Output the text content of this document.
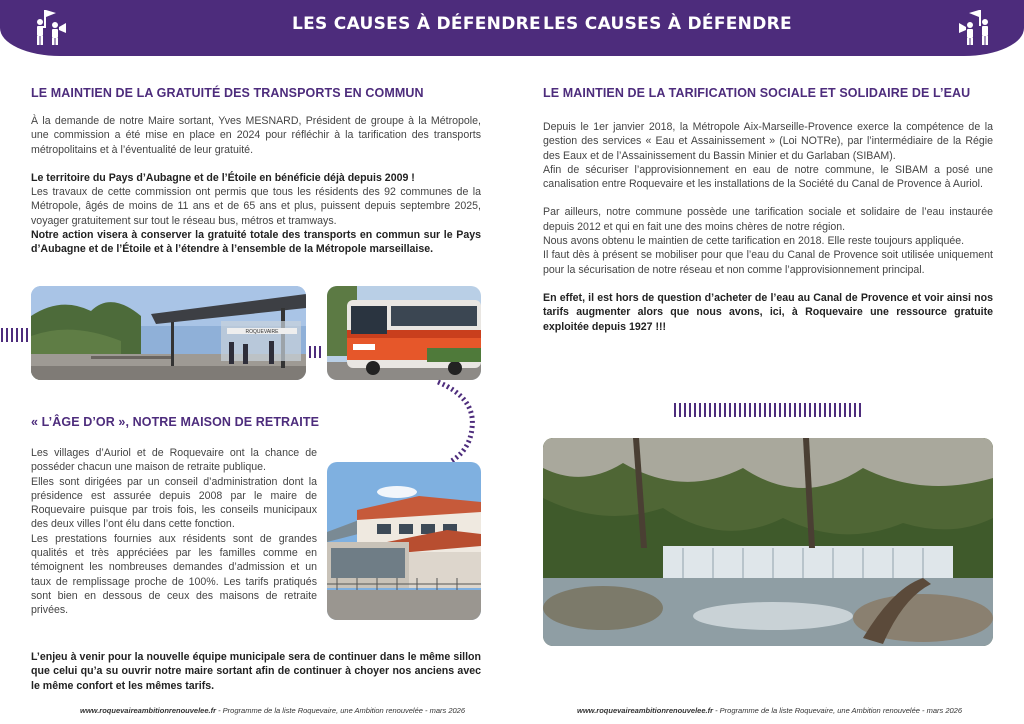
LES CAUSES À DÉFENDRE LES CAUSES À DÉFENDRE
LE MAINTIEN DE LA GRATUITÉ DES TRANSPORTS EN COMMUN

À la demande de notre Maire sortant, Yves MESNARD, Président de groupe à la Métropole, une commission a été mise en place en 2024 pour réfléchir à la tarification des transports métropolitains et à l’éventualité de leur gratuité.

Le territoire du Pays d’Aubagne et de l’Étoile en bénéficie déjà depuis 2009 !

Les travaux de cette commission ont permis que tous les résidents des 92 communes de la Métropole, âgés de moins de 11 ans et de 65 ans et plus, puissent depuis septembre 2025, voyager gratuitement sur tout le réseau bus, métros et tramways.

Notre action visera à conserver la gratuité totale des transports en commun sur le Pays d’Aubagne et de l’Étoile et à l’étendre à l’ensemble de la Métropole marseillaise.

ROQUEVAIRE
« L’ÂGE D’OR », NOTRE MAISON DE RETRAITE

Les villages d’Auriol et de Roquevaire ont la chance de posséder chacun une maison de retraite publique.

Elles sont dirigées par un conseil d’administration dont la présidence est assurée depuis 2008 par le maire de Roquevaire puisque par trois fois, les conseils municipaux des deux villes l’ont élu dans cette fonction.

Les prestations fournies aux résidents sont de grandes qualités et très appréciées par les familles comme en témoignent les nombreuses demandes d’admission et un taux de remplissage proche de 100%. Les tarifs pratiqués sont bien en dessous de ceux des maisons de retraite privées.

L’enjeu à venir pour la nouvelle équipe municipale sera de continuer dans le même sillon que celui qu’a su ouvrir notre maire sortant afin de continuer à choyer nos anciens avec le même confort et les mêmes tarifs.

LE MAINTIEN DE LA TARIFICATION SOCIALE ET SOLIDAIRE DE L’EAU

Depuis le 1er janvier 2018, la Métropole Aix-Marseille-Provence exerce la compétence de la gestion des services « Eau et Assainissement » (Loi NOTRe), par l’intermédiaire de la Régie des Eaux et de l’Assainissement du Bassin Minier et du Garlaban (SIBAM).

Afin de sécuriser l’approvisionnement en eau de notre commune, le SIBAM a posé une canalisation entre Roquevaire et les installations de la Société du Canal de Provence à Auriol.

Par ailleurs, notre commune possède une tarification sociale et solidaire de l’eau instaurée depuis 2012 et qui en fait une des moins chères de notre région.

Nous avons obtenu le maintien de cette tarification en 2018. Elle reste toujours appliquée.

Il faut dès à présent se mobiliser pour que l’eau du Canal de Provence soit utilisée uniquement pour la sécurisation de notre réseau et non comme l’approvisionnement principal.

En effet, il est hors de question d’acheter de l’eau au Canal de Provence et voir ainsi nos tarifs augmenter alors que nous avons, ici, à Roquevaire une ressource gratuite exploitée depuis 1927 !!!

www.roquevaireambitionrenouvelee.fr - Programme de la liste Roquevaire, une Ambition renouvelée - mars 2026	www.roquevaireambitionrenouvelee.fr - Programme de la liste Roquevaire, une Ambition renouvelée - mars 2026
